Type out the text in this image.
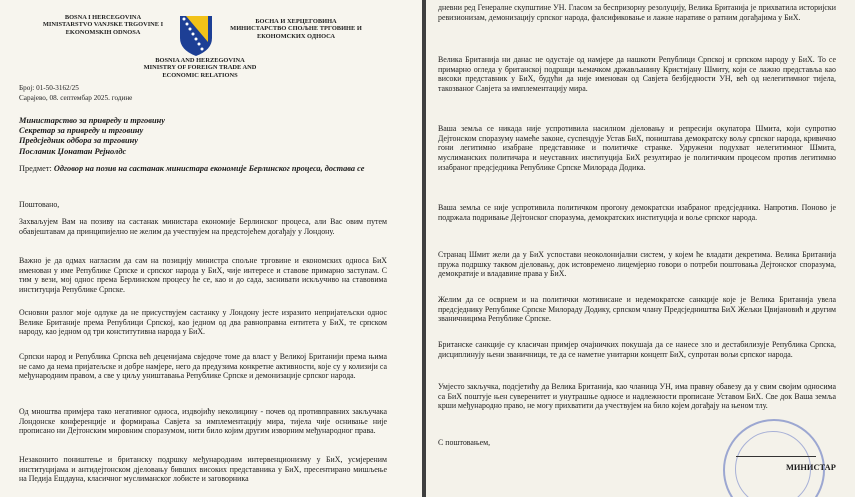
BOSNA I HERCEGOVINA
MINISTARSTVO VANJSKE TRGOVINE I
EKONOMSKIH ODNOSA
БОСНА И ХЕРЦЕГОВИНА
МИНИСТАРСТВО СПОЉНЕ ТРГОВИНЕ И
ЕКОНОМСКИХ ОДНОСА
BOSNIA AND HERZEGOVINA
MINISTRY OF FOREIGN TRADE AND
ECONOMIC RELATIONS
Број: 01-50-3162/25
Сарајево, 08. септембар 2025. године
Министарство за привреду и трговину
Секретар за привреду и трговину
Предсједник одбора за трговину
Посланик Џонатан Рејнолдс
Предмет: Одговор на позив на састанак министара економије Берлинског процеса, достава се
Поштовано,
Захваљујем Вам на позиву на састанак министара економије Берлинског процеса, али Вас овим путем обавјештавам да принципијелно не желим да учествујем на предстојећем догађају у Лондону.
Важно је да одмах нагласим да сам на позицију министра спољне трговине и економских односа БиХ именован у име Републике Српске и српског народа у БиХ, чије интересе и ставове примарно заступам. С тим у вези, мој однос према Берлинском процесу he се, као и до сада, заснивати искључиво на ставовима институција Републике Српске.
Основни разлог моје одлуке да не присуствујем састанку у Лондону јесте изразито непријатељски однос Велике Британије према Републици Српској, као једном од два равноправна ентитета у БиХ, те српском народу, као једном од три конститутивна народа у БиХ.
Српски народ и Република Српска већ деценијама свједоче томе да власт у Великој Британији према њима не само да нема пријатељске и добре намјере, него да предузима конкретне активности, које су у колизији са међународним правом, а све у циљу уништавања Републике Српске и демонизације српског народа.
Од мноштва примјера тако негативног односа, издвојићу неколицину - почев од противправних закључака Лондонске конференције и формирања Савјета за имплементацију мира, тијела чије оснивање није прописано ни Дејтонским мировним споразумом, нити било којим другим изворним међународног права.
Незаконито поништење и британску подршку међународним интервенционизму у БиХ, усмјереним институцијама и антидејтонском дјеловању бивших високих представника у БиХ, пресентирано мишљење на Педија Ешдауна, класичног муслиманског лобисте и заговорника
дневни ред Генералне скупштине УН. Гласом за беспризорну резолуцију, Велика Британија је прихватила историјски ревизионизам, демонизацију српског народа, фалсификовање и лажне наративе о ратним догађајима у БиХ.
Велика Британија ни данас не одустаје од намјере да нашкоти Републици Српској и српском народу у БиХ. То се примарно огледа у британској подршци њемачком држављанину Кристијану Шмиту, који се лажно представља као високи представник у БиХ, будући да није именован од Савјета безбједности УН, већ од нелегитимног тијела, такозваног Савјета за имплементацију мира.
Ваша земља се никада није успротивила насилном дјеловању и репресији окупатора Шмита, који супротно Дејтонском споразуму намеће законе, суспендује Устав БиХ, поништава демократску вољу српског народа, кривично гони легитимно изабране представнике и политичке странке. Удружени подухват нелегитимног Шмита, муслиманских политичара и неуставних институција БиХ резултирао је политичким процесом против легитимно изабраног предсједника Републике Српске Милорада Додика.
Ваша земља се није успротивила политичком прогону демократски изабраног предсједника. Напротив. Поново је подржала подривање Дејтонског споразума, демократских институција и воље српског народа.
Странац Шмит жели да у БиХ успостави неоколонијални систем, у којем ће владати декретима. Велика Британија пружа подршку таквом дјеловању, док истовремено лицемјерно говори о потреби поштовања Дејтонског споразума, демократије и владавине права у БиХ.
Желим да се осврнем и на политички мотивисане и недемократске санкције које је Велика Британија увела предсједнику Републике Српске Милораду Додику, српском члану Предсједништва БиХ Жељки Цвијановић и другим званичницима Републике Српске.
Британске санкције су класичан примјер очајничких покушаја да се нанесе зло и дестабилизује Република Српска, дисциплинују њени званичници, те да се наметне унитарни концепт БиХ, супротан вољи српског народа.
Умјесто закључка, подсјетићу да Велика Британија, као чланица УН, има правну обавезу да у свим својим односима са БиХ поштује њен суверенитет и унутрашње односе и надлежности прописане Уставом БиХ. Све док Ваша земља крши међународно право, не могу прихватити да учествујем на било којем догађају на њеном тлу.
С поштовањем,
МИНИСТАР
